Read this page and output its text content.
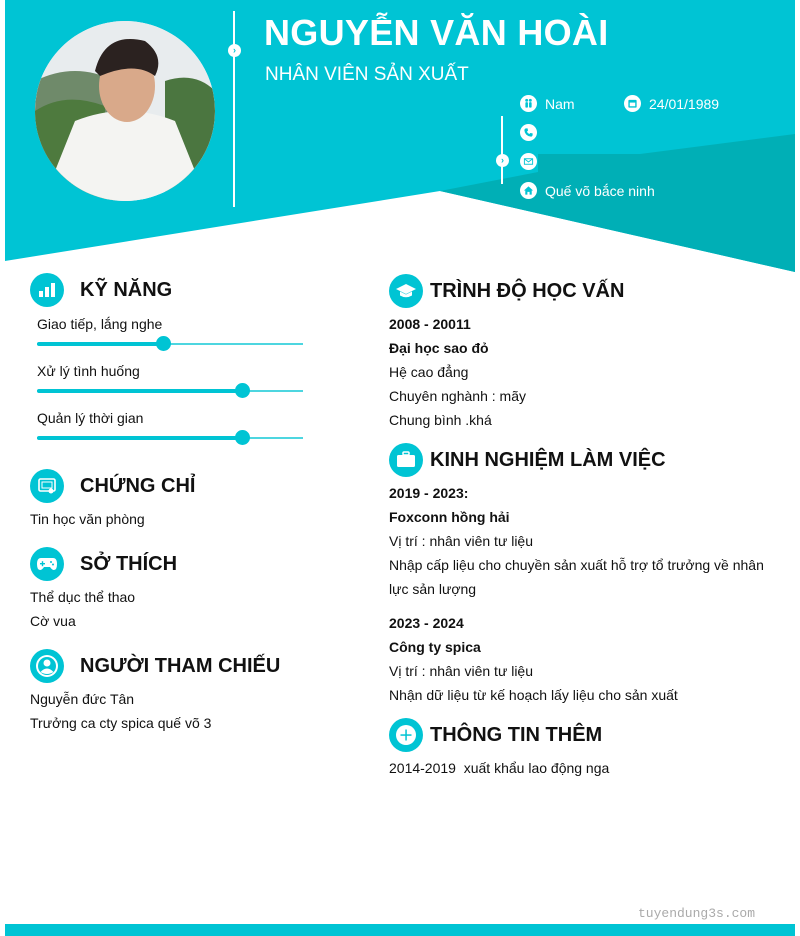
› NGUYỄN VĂN HOÀI
NHÂN VIÊN SẢN XUẤT
›
Nam	24/01/1989
Quế võ bắce ninh
KỸ NĂNG
Giao tiếp, lắng nghe
Xử lý tình huống
Quản lý thời gian
CHỨNG CHỈ
Tin học văn phòng
SỞ THÍCH
Thể dục thể thao
Cờ vua
NGƯỜI THAM CHIẾU
Nguyễn đức Tân
Trưởng ca cty spica quế võ 3
TRÌNH ĐỘ HỌC VẤN
2008 - 20011
Đại học sao đỏ
Hệ cao đẳng
Chuyên nghành : mãy
Chung bình .khá
KINH NGHIỆM LÀM VIỆC
2019 - 2023:
Foxconn hồng hải
Vị trí : nhân viên tư liệu
Nhập cấp liệu cho chuyền sản xuất hỗ trợ tổ trưởng về nhân
lực sản lượng
2023 - 2024
Công ty spica
Vị trí : nhân viên tư liệu
Nhận dữ liệu từ kế hoạch lấy liệu cho sản xuất
THÔNG TIN THÊM
2014-2019  xuất khẩu lao động nga
tuyendung3s.com
